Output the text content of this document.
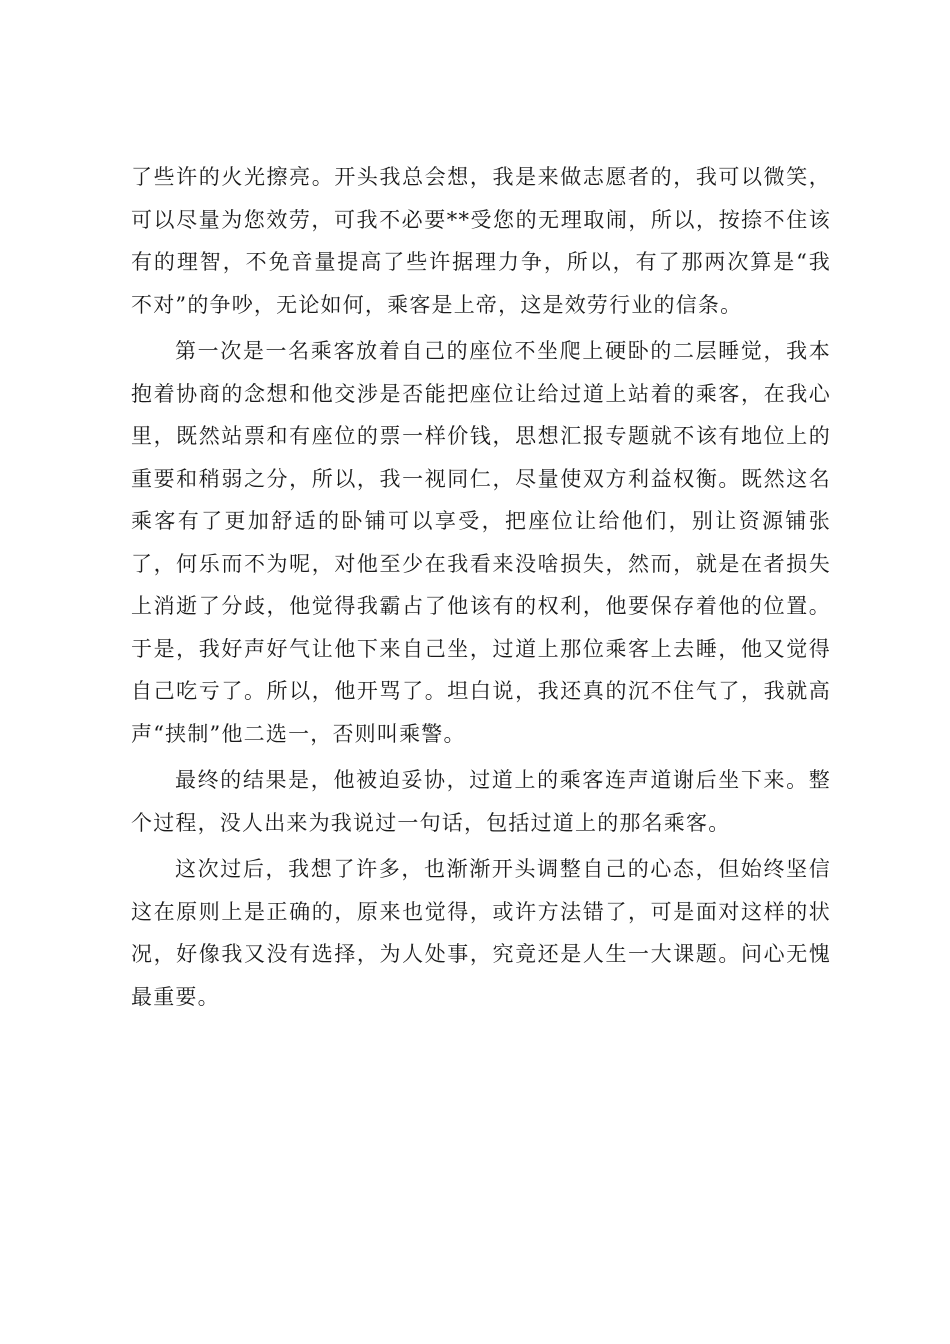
了些许的火光擦亮。开头我总会想，我是来做志愿者的，我可以微笑，可以尽量为您效劳，可我不必要**受您的无理取闹，所以，按捺不住该有的理智，不免音量提高了些许据理力争，所以，有了那两次算是“我不对”的争吵，无论如何，乘客是上帝，这是效劳行业的信条。

第一次是一名乘客放着自己的座位不坐爬上硬卧的二层睡觉，我本抱着协商的念想和他交涉是否能把座位让给过道上站着的乘客，在我心里，既然站票和有座位的票一样价钱，思想汇报专题就不该有地位上的重要和稍弱之分，所以，我一视同仁，尽量使双方利益权衡。既然这名乘客有了更加舒适的卧铺可以享受，把座位让给他们，别让资源铺张了，何乐而不为呢，对他至少在我看来没啥损失，然而，就是在者损失上消逝了分歧，他觉得我霸占了他该有的权利，他要保存着他的位置。于是，我好声好气让他下来自己坐，过道上那位乘客上去睡，他又觉得自己吃亏了。所以，他开骂了。坦白说，我还真的沉不住气了，我就高声“挟制”他二选一，否则叫乘警。

最终的结果是，他被迫妥协，过道上的乘客连声道谢后坐下来。整个过程，没人出来为我说过一句话，包括过道上的那名乘客。

这次过后，我想了许多，也渐渐开头调整自己的心态，但始终坚信这在原则上是正确的，原来也觉得，或许方法错了，可是面对这样的状况，好像我又没有选择，为人处事，究竟还是人生一大课题。问心无愧最重要。
